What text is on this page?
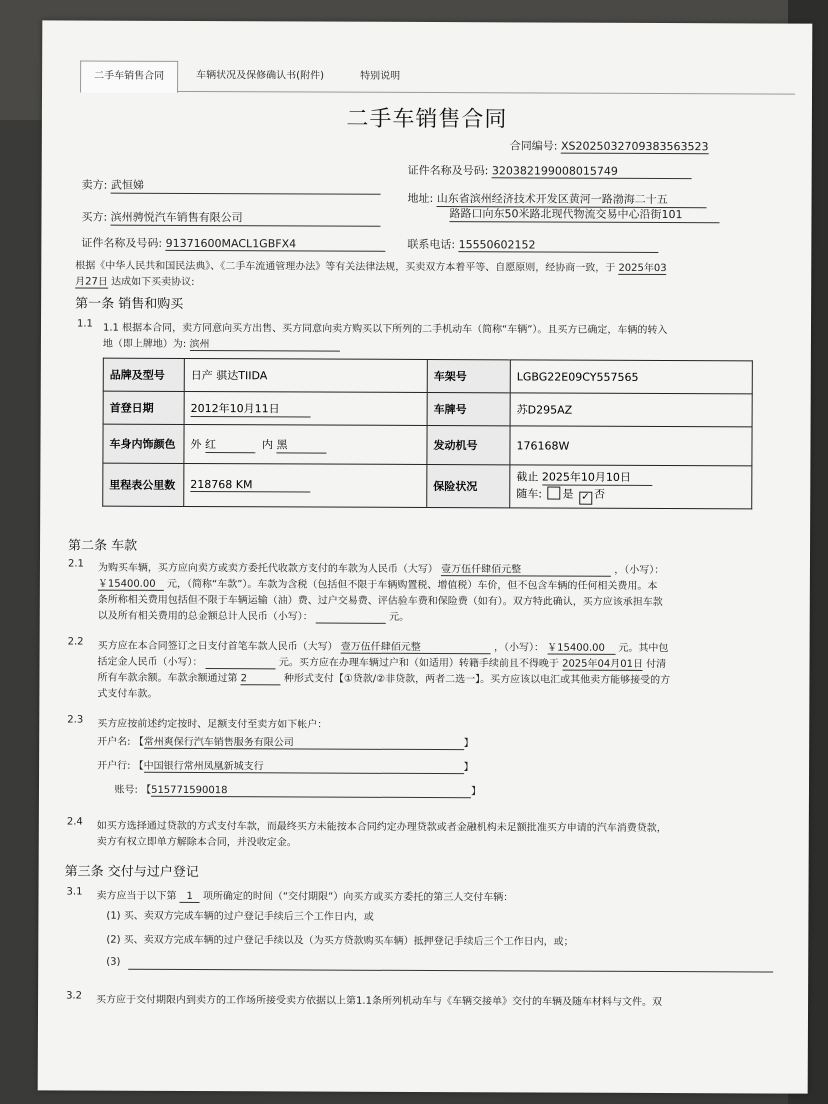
二手车销售合同	车辆状况及保修确认书(附件)	特别说明
二手车销售合同
合同编号: XS2025032709383563523
证件名称及号码: 320382199008015749
卖方: 武恒娣
地址: 山东省滨州经济技术开发区黄河一路渤海二十五
路路口向东50米路北现代物流交易中心沿街101
买方: 滨州骋悦汽车销售有限公司
证件名称及号码: 91371600MACL1GBFX4	联系电话: 15550602152
根据《中华人民共和国民法典》、《二手车流通管理办法》等有关法律法规，买卖双方本着平等、自愿原则，经协商一致，于 2025年03
月27日 达成如下买卖协议:
第一条 销售和购买
1.1 1.1 根据本合同，卖方同意向买方出售、买方同意向卖方购买以下所列的二手机动车（简称“车辆”）。且买方已确定，车辆的转入
地（即上牌地）为: 滨州
品牌及型号	日产 骐达TIIDA	车架号	LGBG22E09CY557565
首登日期	2012年10月11日	车牌号	苏D295AZ
车身内饰颜色	外 红 内 黑	发动机号	176168W
里程表公里数	218768 KM	保险状况	截止 2025年10月10日
随车: 是 ✓ 否
第二条 车款
2.1 为购买车辆，买方应向卖方或卖方委托代收款方支付的车款为人民币（大写） 壹万伍仟肆佰元整	，（小写）：
￥15400.00 元，（简称“车款”）。车款为含税（包括但不限于车辆购置税、增值税）车价，但不包含车辆的任何相关费用。本
条所称相关费用包括但不限于车辆运输（油）费、过户交易费、评估验车费和保险费（如有）。双方特此确认，买方应该承担车款
以及所有相关费用的总金额总计人民币（小写）：	元。
2.2 买方应在本合同签订之日支付首笔车款人民币（大写） 壹万伍仟肆佰元整	，（小写）： ￥15400.00 元。其中包
括定金人民币（小写）：	元。买方应在办理车辆过户和（如适用）转籍手续前且不得晚于 2025年04月01日 付清
所有车款余额。车款余额通过第 2	种形式支付【①贷款/②非贷款，两者二选一】。买方应该以电汇或其他卖方能够接受的方
式支付车款。
2.3 买方应按前述约定按时、足额支付至卖方如下帐户：
开户名: 【常州爽保行汽车销售服务有限公司	】
开户行: 【中国银行常州凤凰新城支行	】
账号: 【515771590018	】
2.4 如买方选择通过贷款的方式支付车款，而最终买方未能按本合同约定办理贷款或者金融机构未足额批准买方申请的汽车消费贷款，
卖方有权立即单方解除本合同，并没收定金。
第三条 交付与过户登记
3.1 卖方应当于以下第 1 项所确定的时间（“交付期限”）向买方或买方委托的第三人交付车辆：
(1) 买、卖双方完成车辆的过户登记手续后三个工作日内，或
(2) 买、卖双方完成车辆的过户登记手续以及（为买方贷款购买车辆）抵押登记手续后三个工作日内，或；
(3)
3.2 买方应于交付期限内到卖方的工作场所接受卖方依据以上第1.1条所列机动车与《车辆交接单》交付的车辆及随车材料与文件。双
